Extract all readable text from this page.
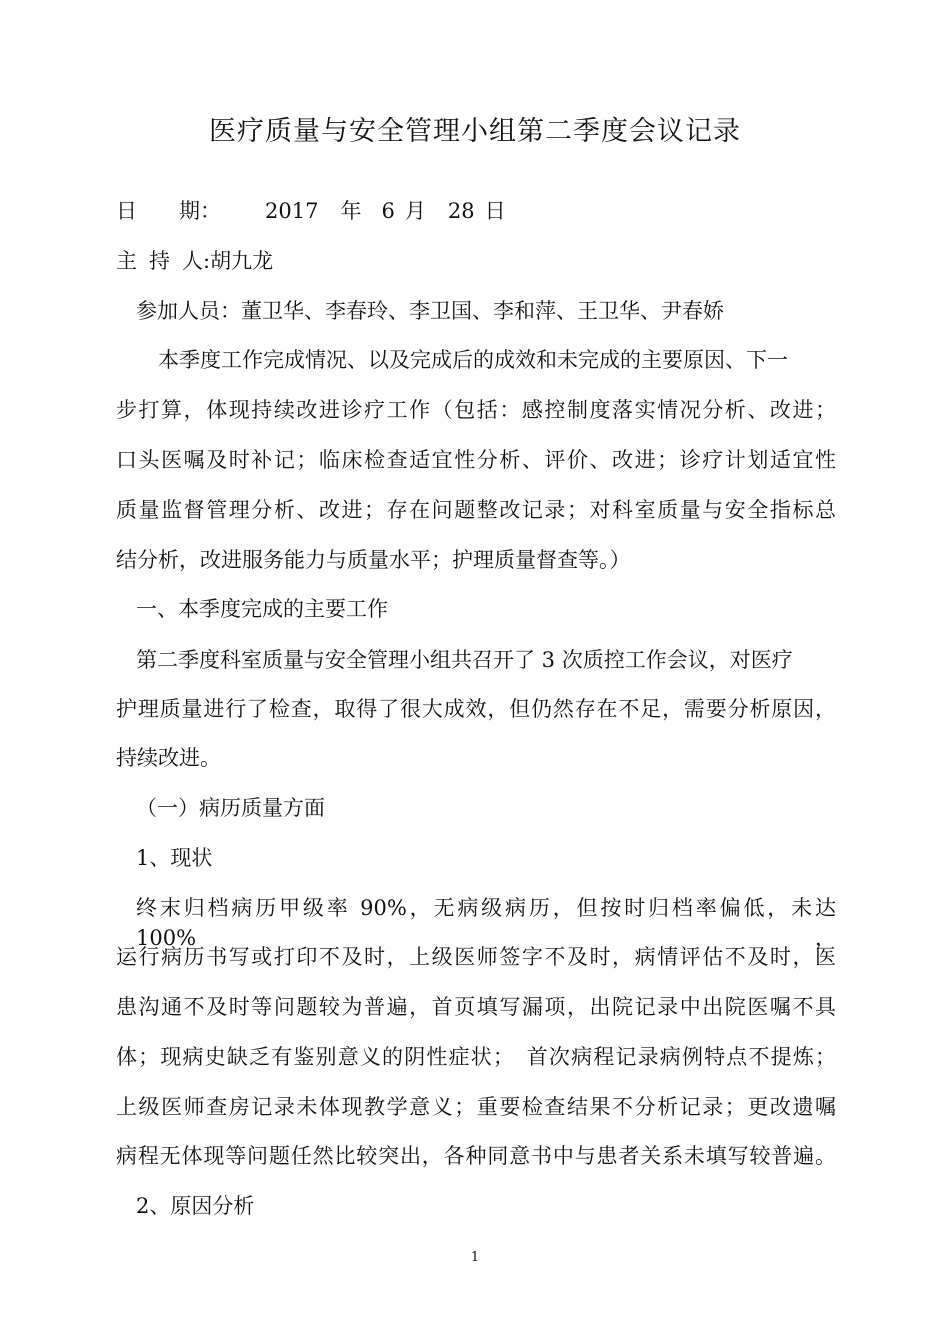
医疗质量与安全管理小组第二季度会议记录
日 期： 2017 年 6 月 28 日
主 持 人:胡九龙
参加人员：董卫华、李春玲、李卫国、李和萍、王卫华、尹春娇
本季度工作完成情况、以及完成后的成效和未完成的主要原因、下一
步打算，体现持续改进诊疗工作（包括：感控制度落实情况分析、改进；
口头医嘱及时补记；临床检查适宜性分析、评价、改进；诊疗计划适宜性
质量监督管理分析、改进；存在问题整改记录；对科室质量与安全指标总
结分析，改进服务能力与质量水平；护理质量督查等。）
一、本季度完成的主要工作
第二季度科室质量与安全管理小组共召开了 3 次质控工作会议，对医疗
护理质量进行了检查，取得了很大成效，但仍然存在不足，需要分析原因，
持续改进。
（一）病历质量方面
1、现状
终末归档病历甲级率 90%，无病级病历，但按时归档率偏低，未达 100%，
运行病历书写或打印不及时，上级医师签字不及时，病情评估不及时，医
患沟通不及时等问题较为普遍，首页填写漏项，出院记录中出院医嘱不具
体；现病史缺乏有鉴别意义的阴性症状；　首次病程记录病例特点不提炼；
上级医师查房记录未体现教学意义；重要检查结果不分析记录；更改遗嘱
病程无体现等问题任然比较突出，各种同意书中与患者关系未填写较普遍。
2、原因分析
1
